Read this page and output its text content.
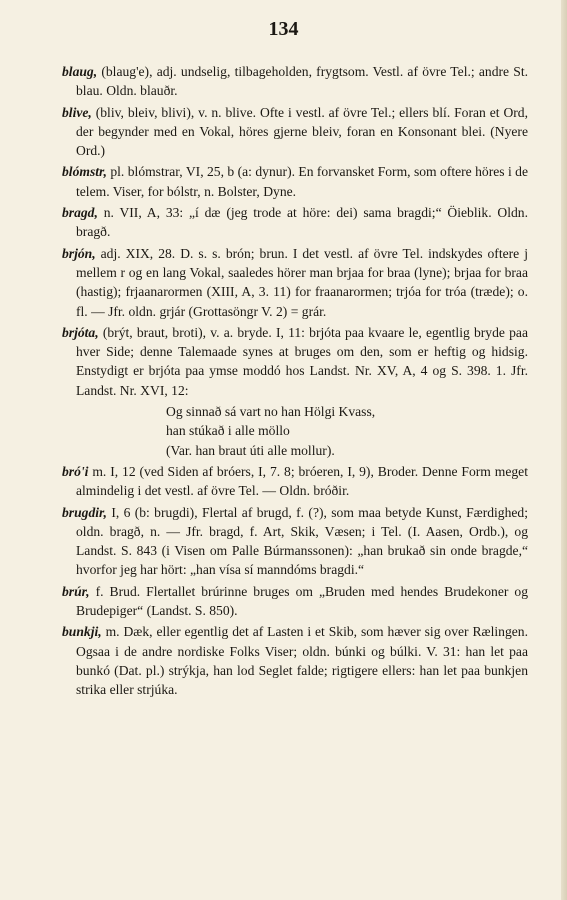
134

blaug, (blaug'e), adj. undselig, tilbageholden, frygtsom. Vestl. af övre Tel.; andre St. blau. Oldn. blauðr.

blive, (bliv, bleiv, blivi), v. n. blive. Ofte i vestl. af övre Tel.; ellers blí. Foran et Ord, der begynder med en Vokal, höres gjerne bleiv, foran en Konsonant blei. (Nyere Ord.)

blómstr, pl. blómstrar, VI, 25, b (a: dynur). En forvansket Form, som oftere höres i de telem. Viser, for bólstr, n. Bolster, Dyne.

bragd, n. VII, A, 33: „í dæ (jeg trode at höre: dei) sama bragdi;“ Öieblik. Oldn. bragð.

brjón, adj. XIX, 28. D. s. s. brón; brun. I det vestl. af övre Tel. indskydes oftere j mellem r og en lang Vokal, saaledes hörer man brjaa for braa (lyne); brjaa for braa (hastig); frjaanarormen (XIII, A, 3. 11) for fraanarormen; trjóa for tróa (træde); o. fl. — Jfr. oldn. grjár (Grottasöngr V. 2) = grár.

brjóta, (brýt, braut, broti), v. a. bryde. I, 11: brjóta paa kvaare le, egentlig bryde paa hver Side; denne Talemaade synes at bruges om den, som er heftig og hidsig. Enstydigt er brjóta paa ymse moddó hos Landst. Nr. XV, A, 4 og S. 398. 1. Jfr. Landst. Nr. XVI, 12:

Og sinnað sá vart no han Hölgi Kvass,
han stúkað i alle möllo
(Var. han braut úti alle mollur).

bró'i m. I, 12 (ved Siden af bróers, I, 7. 8; bróeren, I, 9), Broder. Denne Form meget almindelig i det vestl. af övre Tel. — Oldn. bróðir.

brugdir, I, 6 (b: brugdi), Flertal af brugd, f. (?), som maa betyde Kunst, Færdighed; oldn. bragð, n. — Jfr. bragd, f. Art, Skik, Væsen; i Tel. (I. Aasen, Ordb.), og Landst. S. 843 (i Visen om Palle Búrmanssonen): „han brukað sin onde bragde,“ hvorfor jeg har hört: „han vísa sí manndóms bragdi.“

brúr, f. Brud. Flertallet brúrinne bruges om „Bruden med hendes Brudekoner og Brudepiger“ (Landst. S. 850).

bunkji, m. Dæk, eller egentlig det af Lasten i et Skib, som hæver sig over Rælingen. Ogsaa i de andre nordiske Folks Viser; oldn. búnki og búlki. V. 31: han let paa bunkó (Dat. pl.) strýkja, han lod Seglet falde; rigtigere ellers: han let paa bunkjen strika eller strjúka.
